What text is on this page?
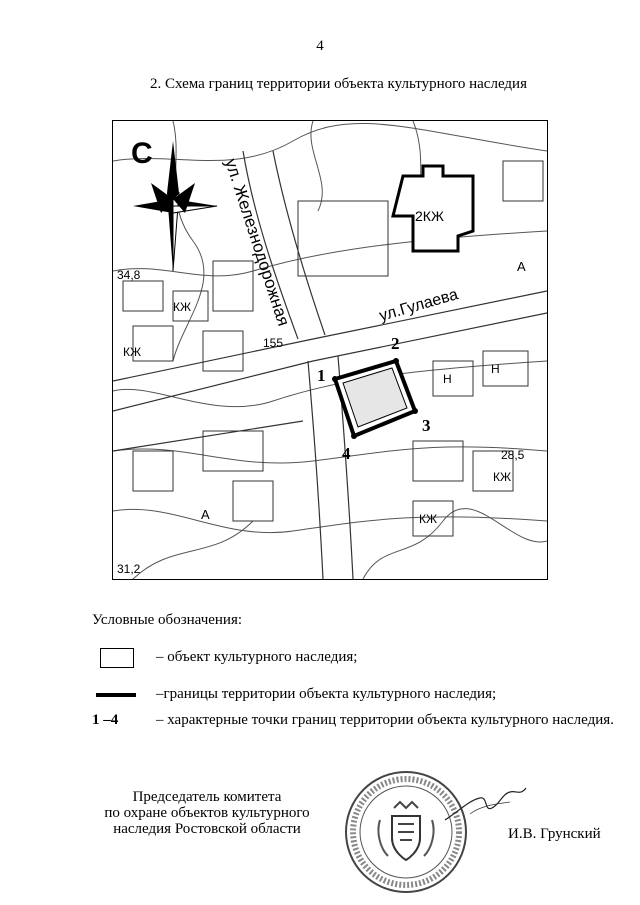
4
2. Схема границ территории объекта культурного наследия
1
2
3
4
С
ул. Железнодорожная	ул.Гулаева
2КЖ
КЖ
КЖ
Н
Н
КЖ
КЖ
34,8
28,5
31,2
155
А
А
Условные обозначения:
– объект культурного наследия;
–границы территории объекта культурного наследия;
1 –4	– характерные точки границ территории объекта культурного наследия.
Председатель комитета
по охране объектов культурного
наследия Ростовской области	И.В. Грунский
